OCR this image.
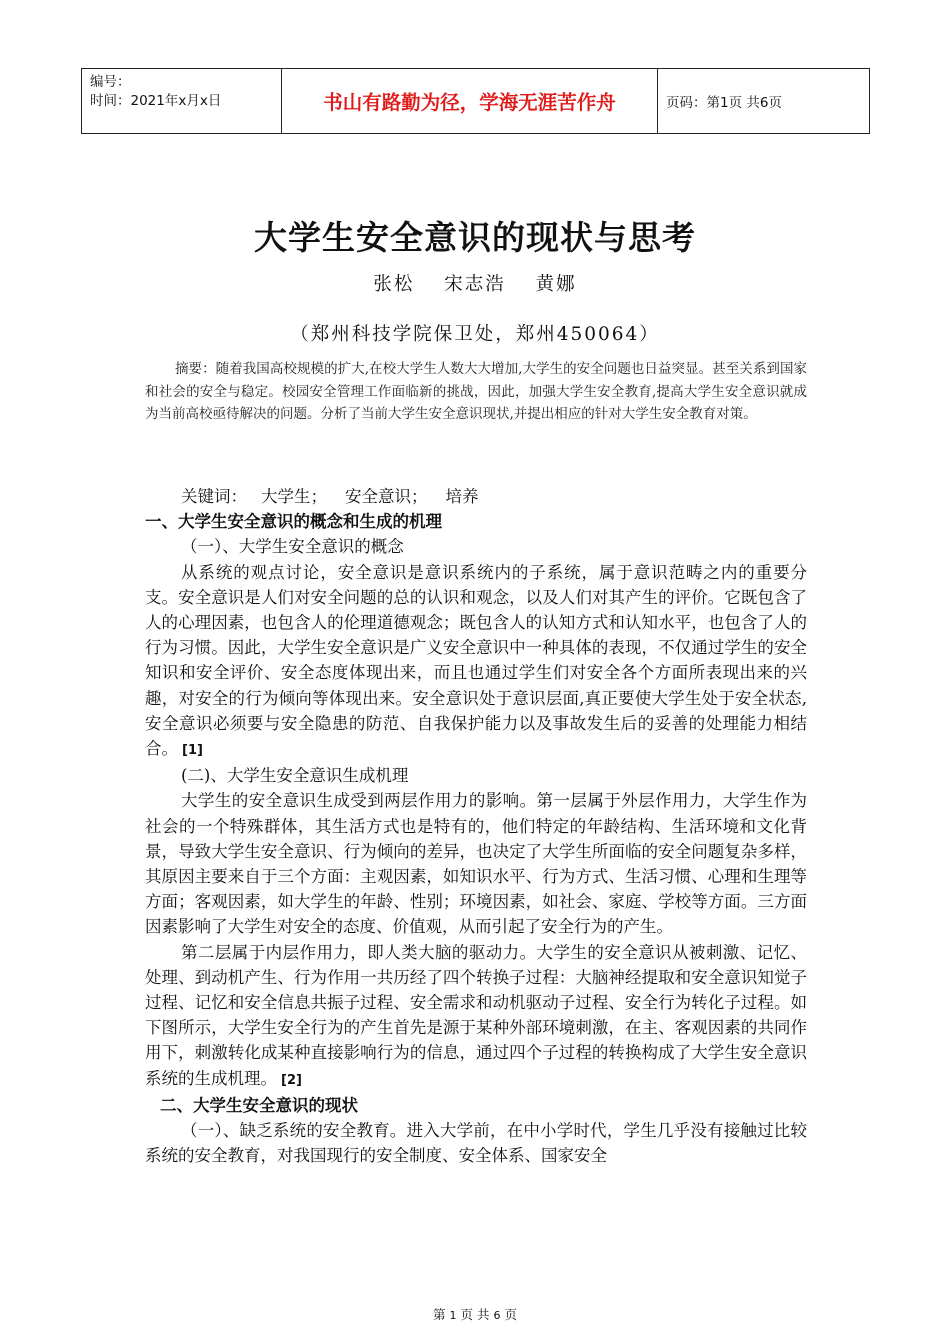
编号：
时间：2021年x月x日	书山有路勤为径，学海无涯苦作舟	页码：第1页 共6页
大学生安全意识的现状与思考
张松 宋志浩 黄娜
（郑州科技学院保卫处，郑州450064）
摘要：随着我国高校规模的扩大,在校大学生人数大大增加,大学生的安全问题也日益突显。甚至关系到国家和社会的安全与稳定。校园安全管理工作面临新的挑战，因此，加强大学生安全教育,提高大学生安全意识就成为当前高校亟待解决的问题。分析了当前大学生安全意识现状,并提出相应的针对大学生安全教育对策。

关键词： 大学生； 安全意识； 培养

一、大学生安全意识的概念和生成的机理

（一）、大学生安全意识的概念

从系统的观点讨论，安全意识是意识系统内的子系统，属于意识范畴之内的重要分支。安全意识是人们对安全问题的总的认识和观念，以及人们对其产生的评价。它既包含了人的心理因素，也包含人的伦理道德观念；既包含人的认知方式和认知水平，也包含了人的行为习惯。因此，大学生安全意识是广义安全意识中一种具体的表现，不仅通过学生的安全知识和安全评价、安全态度体现出来，而且也通过学生们对安全各个方面所表现出来的兴趣，对安全的行为倾向等体现出来。安全意识处于意识层面,真正要使大学生处于安全状态,安全意识必须要与安全隐患的防范、自我保护能力以及事故发生后的妥善的处理能力相结合。 [1]

(二)、大学生安全意识生成机理

大学生的安全意识生成受到两层作用力的影响。第一层属于外层作用力，大学生作为社会的一个特殊群体，其生活方式也是特有的，他们特定的年龄结构、生活环境和文化背景，导致大学生安全意识、行为倾向的差异，也决定了大学生所面临的安全问题复杂多样，其原因主要来自于三个方面：主观因素，如知识水平、行为方式、生活习惯、心理和生理等方面；客观因素，如大学生的年龄、性别；环境因素，如社会、家庭、学校等方面。三方面因素影响了大学生对安全的态度、价值观，从而引起了安全行为的产生。

第二层属于内层作用力，即人类大脑的驱动力。大学生的安全意识从被刺激、记忆、处理、到动机产生、行为作用一共历经了四个转换子过程：大脑神经提取和安全意识知觉子过程、记忆和安全信息共振子过程、安全需求和动机驱动子过程、安全行为转化子过程。如下图所示，大学生安全行为的产生首先是源于某种外部环境刺激，在主、客观因素的共同作用下，刺激转化成某种直接影响行为的信息，通过四个子过程的转换构成了大学生安全意识系统的生成机理。 [2]

二、大学生安全意识的现状

（一）、缺乏系统的安全教育。进入大学前，在中小学时代，学生几乎没有接触过比较系统的安全教育，对我国现行的安全制度、安全体系、国家安全

第 1 页 共 6 页
